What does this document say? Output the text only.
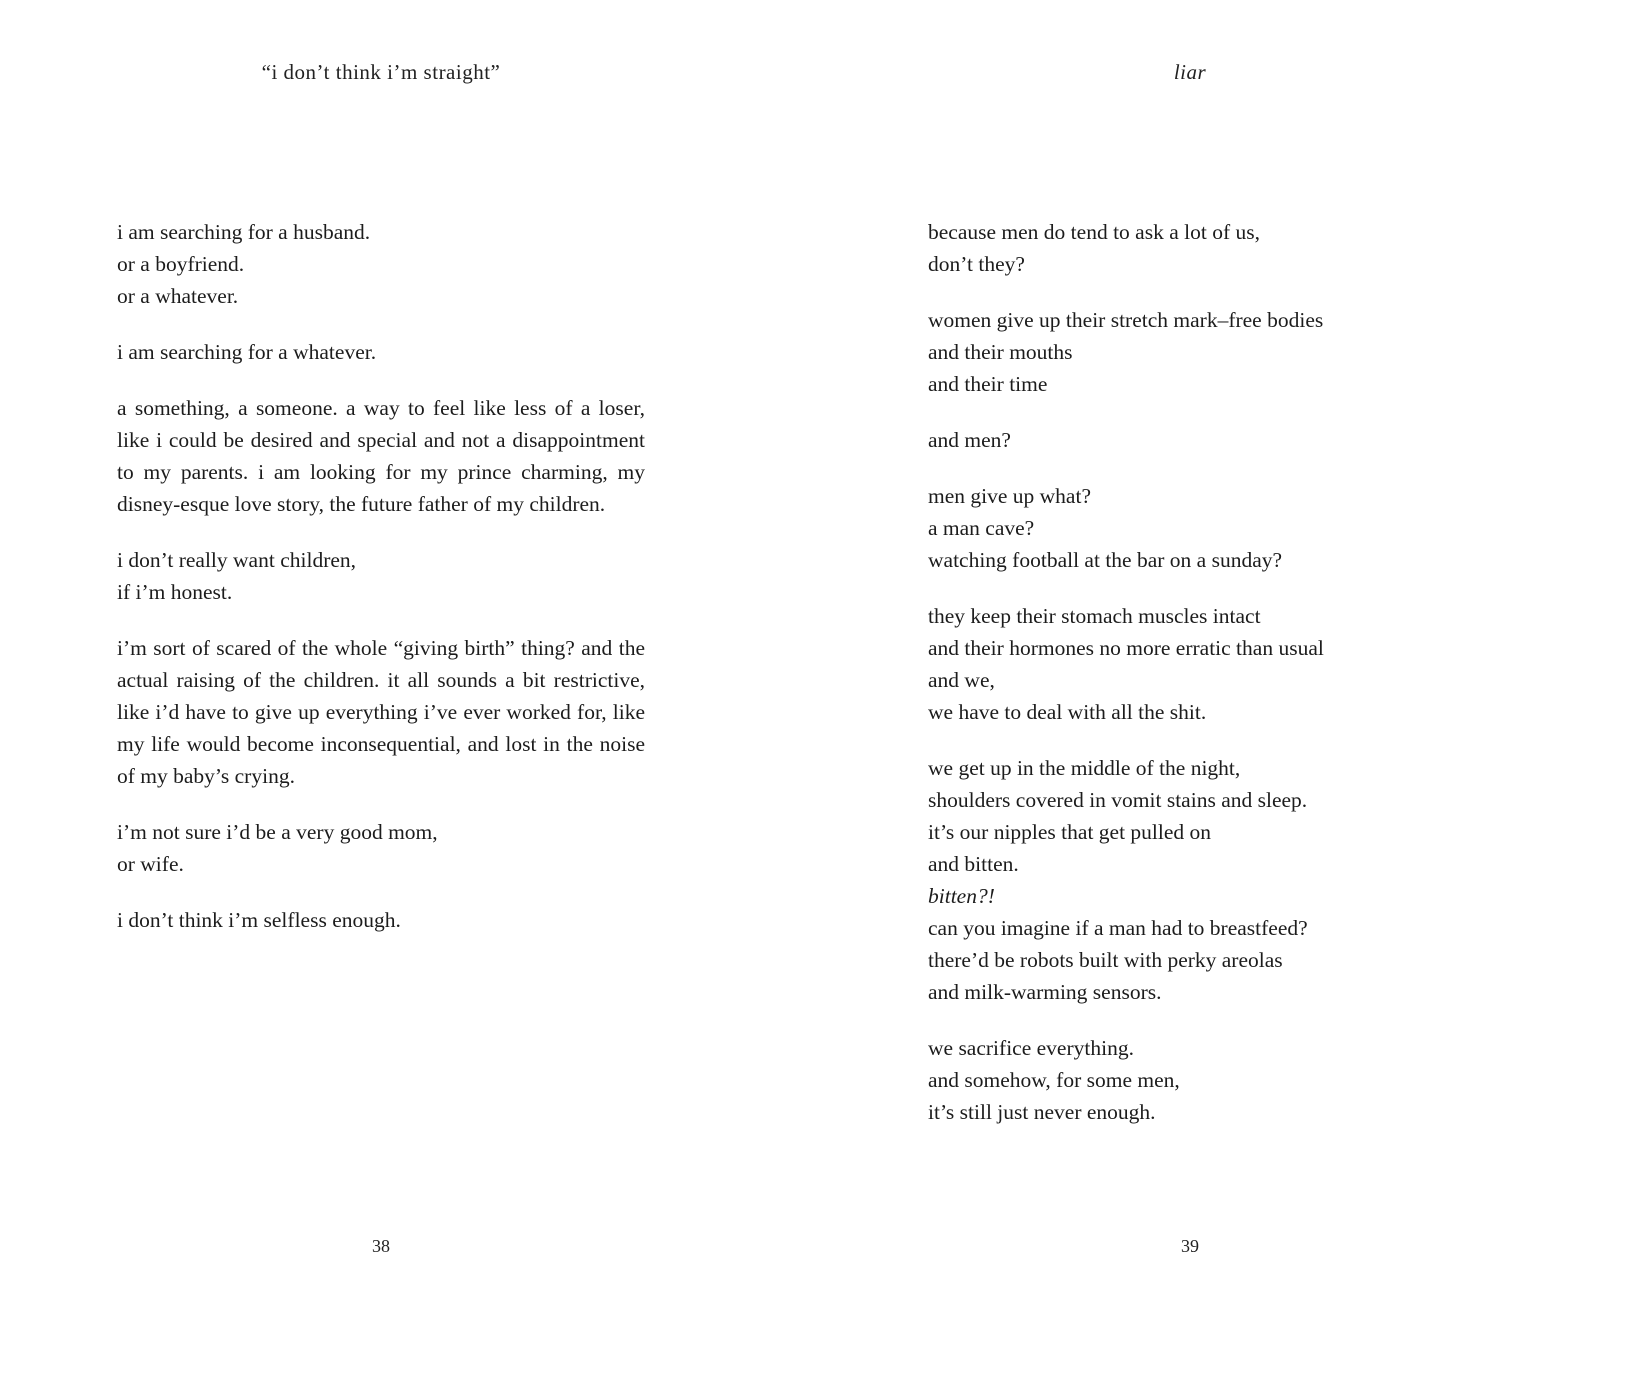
“i don’t think i’m straight”	liar
i am searching for a husband.
or a boyfriend.
or a whatever.
i am searching for a whatever.
a something, a someone. a way to feel like less of a loser, like i could be desired and special and not a disappointment to my parents. i am looking for my prince charming, my disney-esque love story, the future father of my children.
i don’t really want children,
if i’m honest.
i’m sort of scared of the whole “giving birth” thing? and the actual raising of the children. it all sounds a bit restrictive, like i’d have to give up everything i’ve ever worked for, like my life would become inconsequential, and lost in the noise of my baby’s crying.
i’m not sure i’d be a very good mom,
or wife.
i don’t think i’m selfless enough.
because men do tend to ask a lot of us,
don’t they?
women give up their stretch mark–free bodies
and their mouths
and their time
and men?
men give up what?
a man cave?
watching football at the bar on a sunday?
they keep their stomach muscles intact
and their hormones no more erratic than usual
and we,
we have to deal with all the shit.
we get up in the middle of the night,
shoulders covered in vomit stains and sleep.
it’s our nipples that get pulled on
and bitten.
bitten?!
can you imagine if a man had to breastfeed?
there’d be robots built with perky areolas
and milk-warming sensors.
we sacrifice everything.
and somehow, for some men,
it’s still just never enough.
38	39
